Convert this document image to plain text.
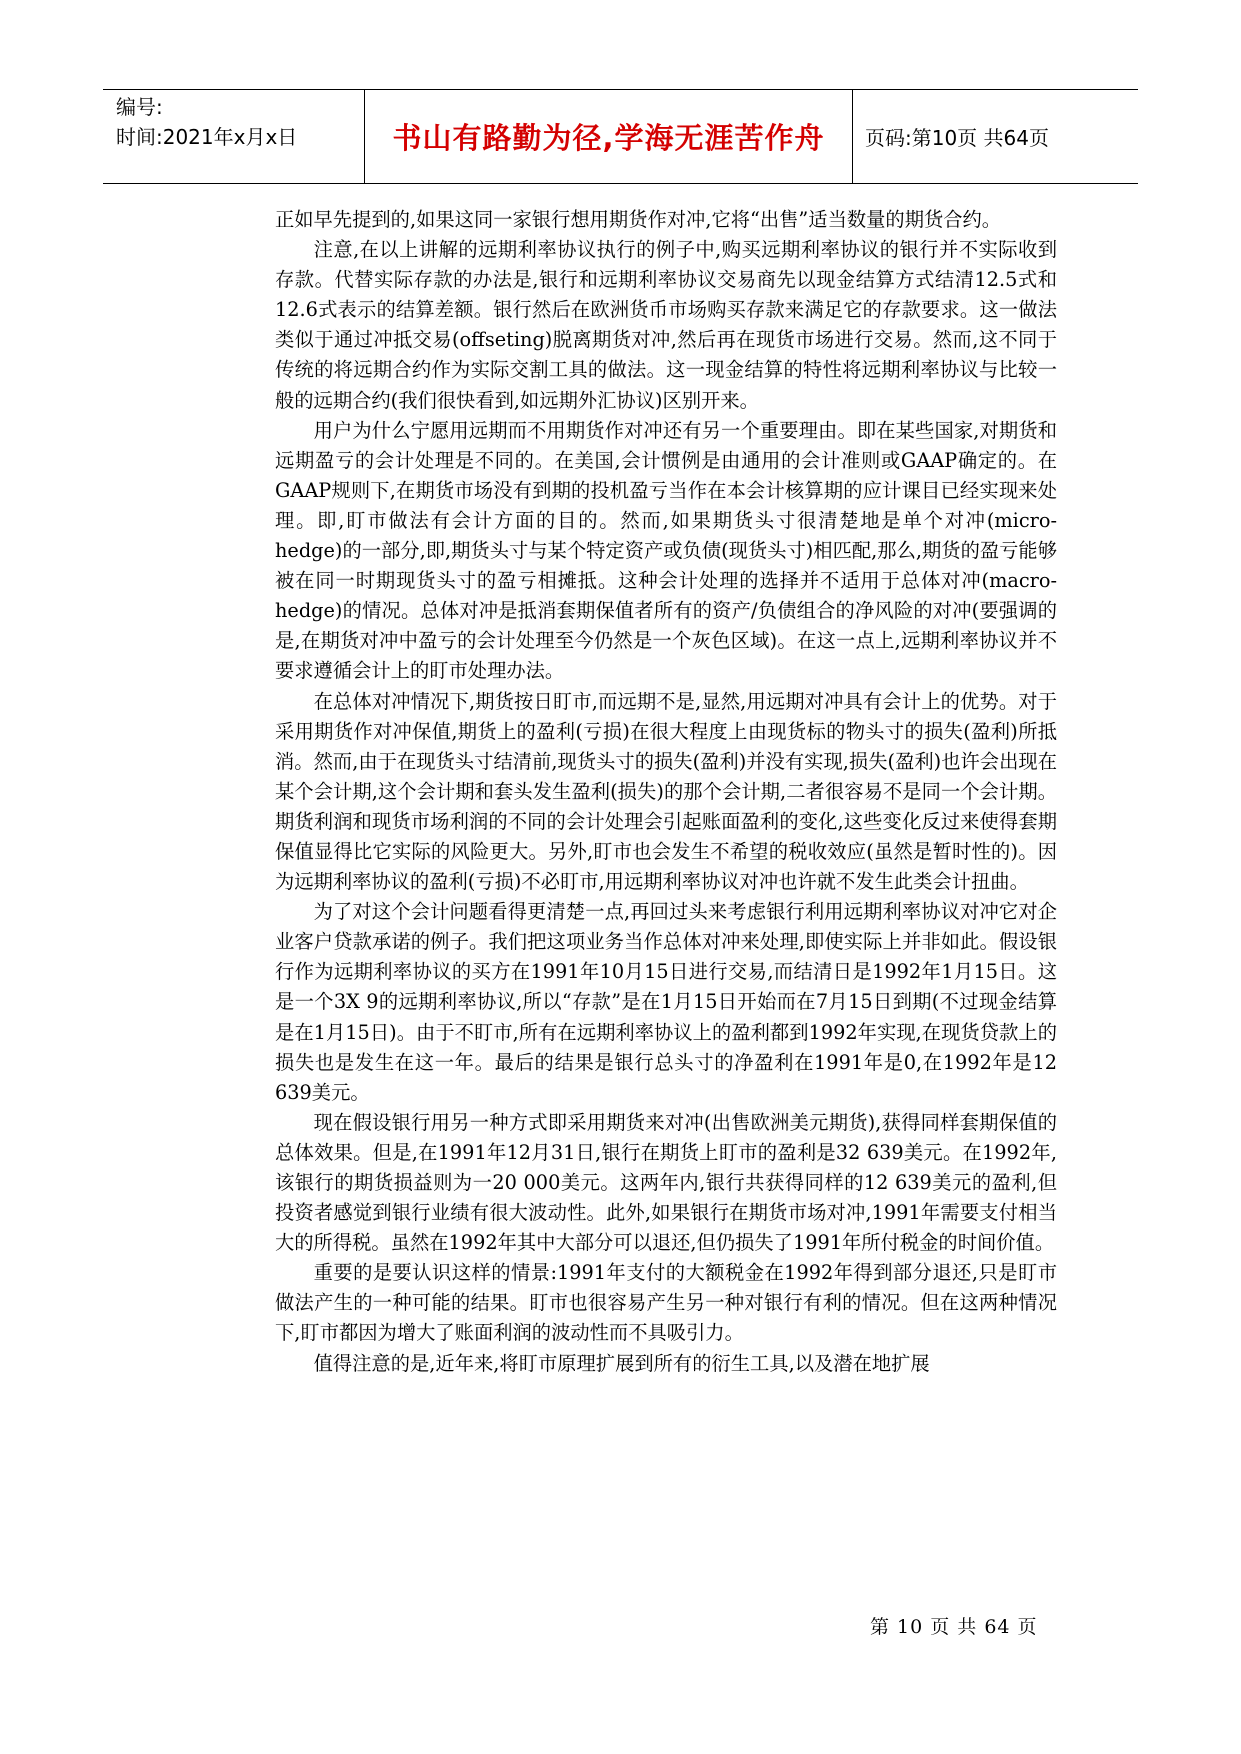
编号:
时间:2021年x月x日	书山有路勤为径,学海无涯苦作舟	页码:第10页 共64页

正如早先提到的,如果这同一家银行想用期货作对冲,它将“出售”适当数量的期货合约。

注意,在以上讲解的远期利率协议执行的例子中,购买远期利率协议的银行并不实际收到存款。代替实际存款的办法是,银行和远期利率协议交易商先以现金结算方式结清12.5式和12.6式表示的结算差额。银行然后在欧洲货币市场购买存款来满足它的存款要求。这一做法类似于通过冲抵交易(offseting)脱离期货对冲,然后再在现货市场进行交易。然而,这不同于传统的将远期合约作为实际交割工具的做法。这一现金结算的特性将远期利率协议与比较一般的远期合约(我们很快看到,如远期外汇协议)区别开来。

用户为什么宁愿用远期而不用期货作对冲还有另一个重要理由。即在某些国家,对期货和远期盈亏的会计处理是不同的。在美国,会计惯例是由通用的会计准则或GAAP确定的。在GAAP规则下,在期货市场没有到期的投机盈亏当作在本会计核算期的应计课目已经实现来处理。即,盯市做法有会计方面的目的。然而,如果期货头寸很清楚地是单个对冲(micro-hedge)的一部分,即,期货头寸与某个特定资产或负债(现货头寸)相匹配,那么,期货的盈亏能够被在同一时期现货头寸的盈亏相摊抵。这种会计处理的选择并不适用于总体对冲(macro-hedge)的情况。总体对冲是抵消套期保值者所有的资产/负债组合的净风险的对冲(要强调的是,在期货对冲中盈亏的会计处理至今仍然是一个灰色区域)。在这一点上,远期利率协议并不要求遵循会计上的盯市处理办法。

在总体对冲情况下,期货按日盯市,而远期不是,显然,用远期对冲具有会计上的优势。对于采用期货作对冲保值,期货上的盈利(亏损)在很大程度上由现货标的物头寸的损失(盈利)所抵消。然而,由于在现货头寸结清前,现货头寸的损失(盈利)并没有实现,损失(盈利)也许会出现在某个会计期,这个会计期和套头发生盈利(损失)的那个会计期,二者很容易不是同一个会计期。期货利润和现货市场利润的不同的会计处理会引起账面盈利的变化,这些变化反过来使得套期保值显得比它实际的风险更大。另外,盯市也会发生不希望的税收效应(虽然是暂时性的)。因为远期利率协议的盈利(亏损)不必盯市,用远期利率协议对冲也许就不发生此类会计扭曲。

为了对这个会计问题看得更清楚一点,再回过头来考虑银行利用远期利率协议对冲它对企业客户贷款承诺的例子。我们把这项业务当作总体对冲来处理,即使实际上并非如此。假设银行作为远期利率协议的买方在1991年10月15日进行交易,而结清日是1992年1月15日。这是一个3X 9的远期利率协议,所以“存款”是在1月15日开始而在7月15日到期(不过现金结算是在1月15日)。由于不盯市,所有在远期利率协议上的盈利都到1992年实现,在现货贷款上的损失也是发生在这一年。最后的结果是银行总头寸的净盈利在1991年是0,在1992年是12 639美元。

现在假设银行用另一种方式即采用期货来对冲(出售欧洲美元期货),获得同样套期保值的总体效果。但是,在1991年12月31日,银行在期货上盯市的盈利是32 639美元。在1992年,该银行的期货损益则为一20 000美元。这两年内,银行共获得同样的12 639美元的盈利,但投资者感觉到银行业绩有很大波动性。此外,如果银行在期货市场对冲,1991年需要支付相当大的所得税。虽然在1992年其中大部分可以退还,但仍损失了1991年所付税金的时间价值。

重要的是要认识这样的情景:1991年支付的大额税金在1992年得到部分退还,只是盯市做法产生的一种可能的结果。盯市也很容易产生另一种对银行有利的情况。但在这两种情况下,盯市都因为增大了账面利润的波动性而不具吸引力。

值得注意的是,近年来,将盯市原理扩展到所有的衍生工具,以及潜在地扩展

第 10 页 共 64 页
